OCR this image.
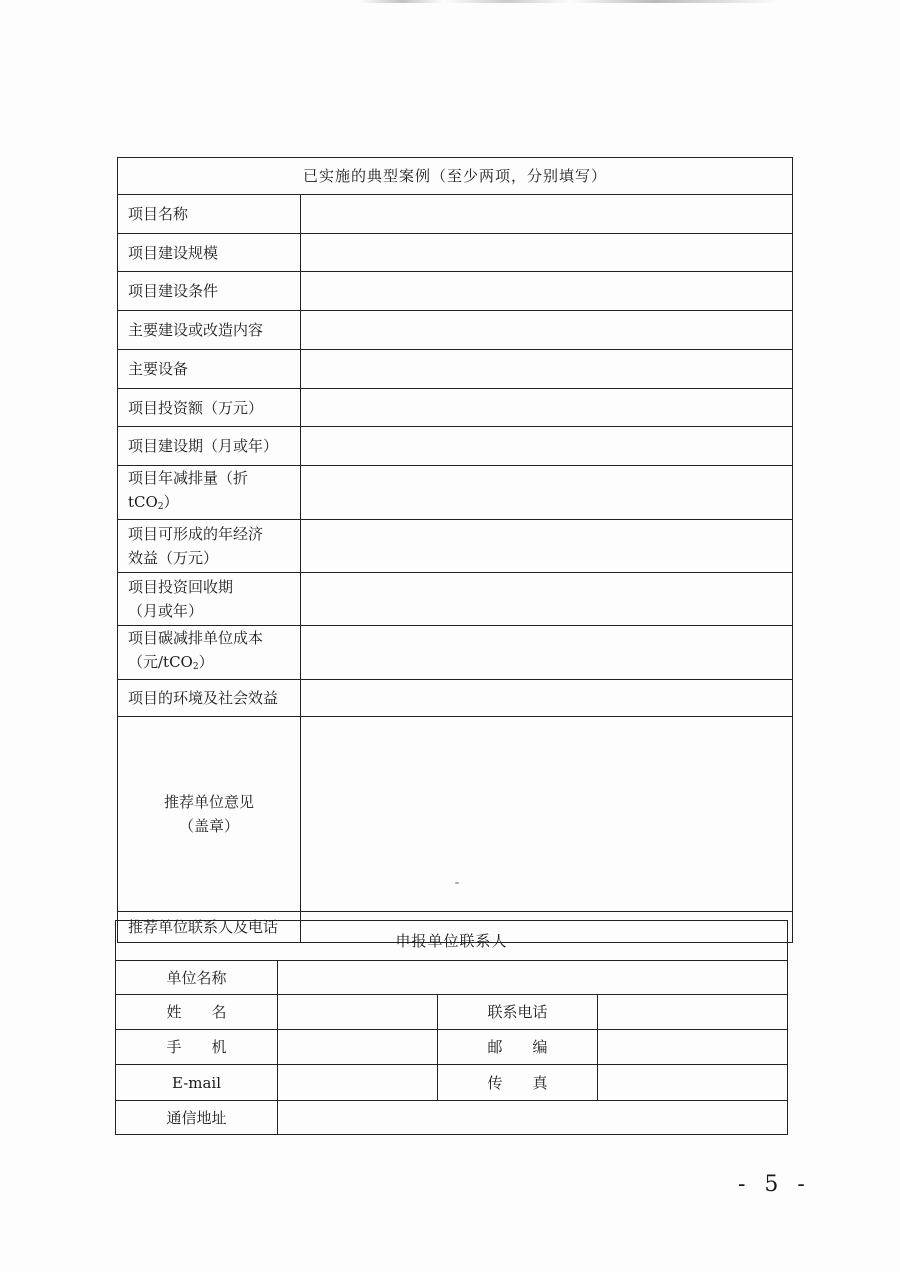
已实施的典型案例（至少两项，分别填写）	
项目名称	
项目建设规模	
项目建设条件	
主要建设或改造内容	
主要设备	
项目投资额（万元）	
项目建设期（月或年）	
项目年减排量（折 tCO$_2$）	

项目可形成的年经济
效益（万元）	

项目投资回收期
（月或年）	

项目碳减排单位成本
（元/tCO$_2$）	

项目的环境及社会效益	

推荐单位意见
（盖章）	

推荐单位联系人及电话	
申报单位联系人			
单位名称			
姓　　名		联系电话	
手　　机		邮　　编	
E-mail		传　　真	
通信地址			
- 5 -
